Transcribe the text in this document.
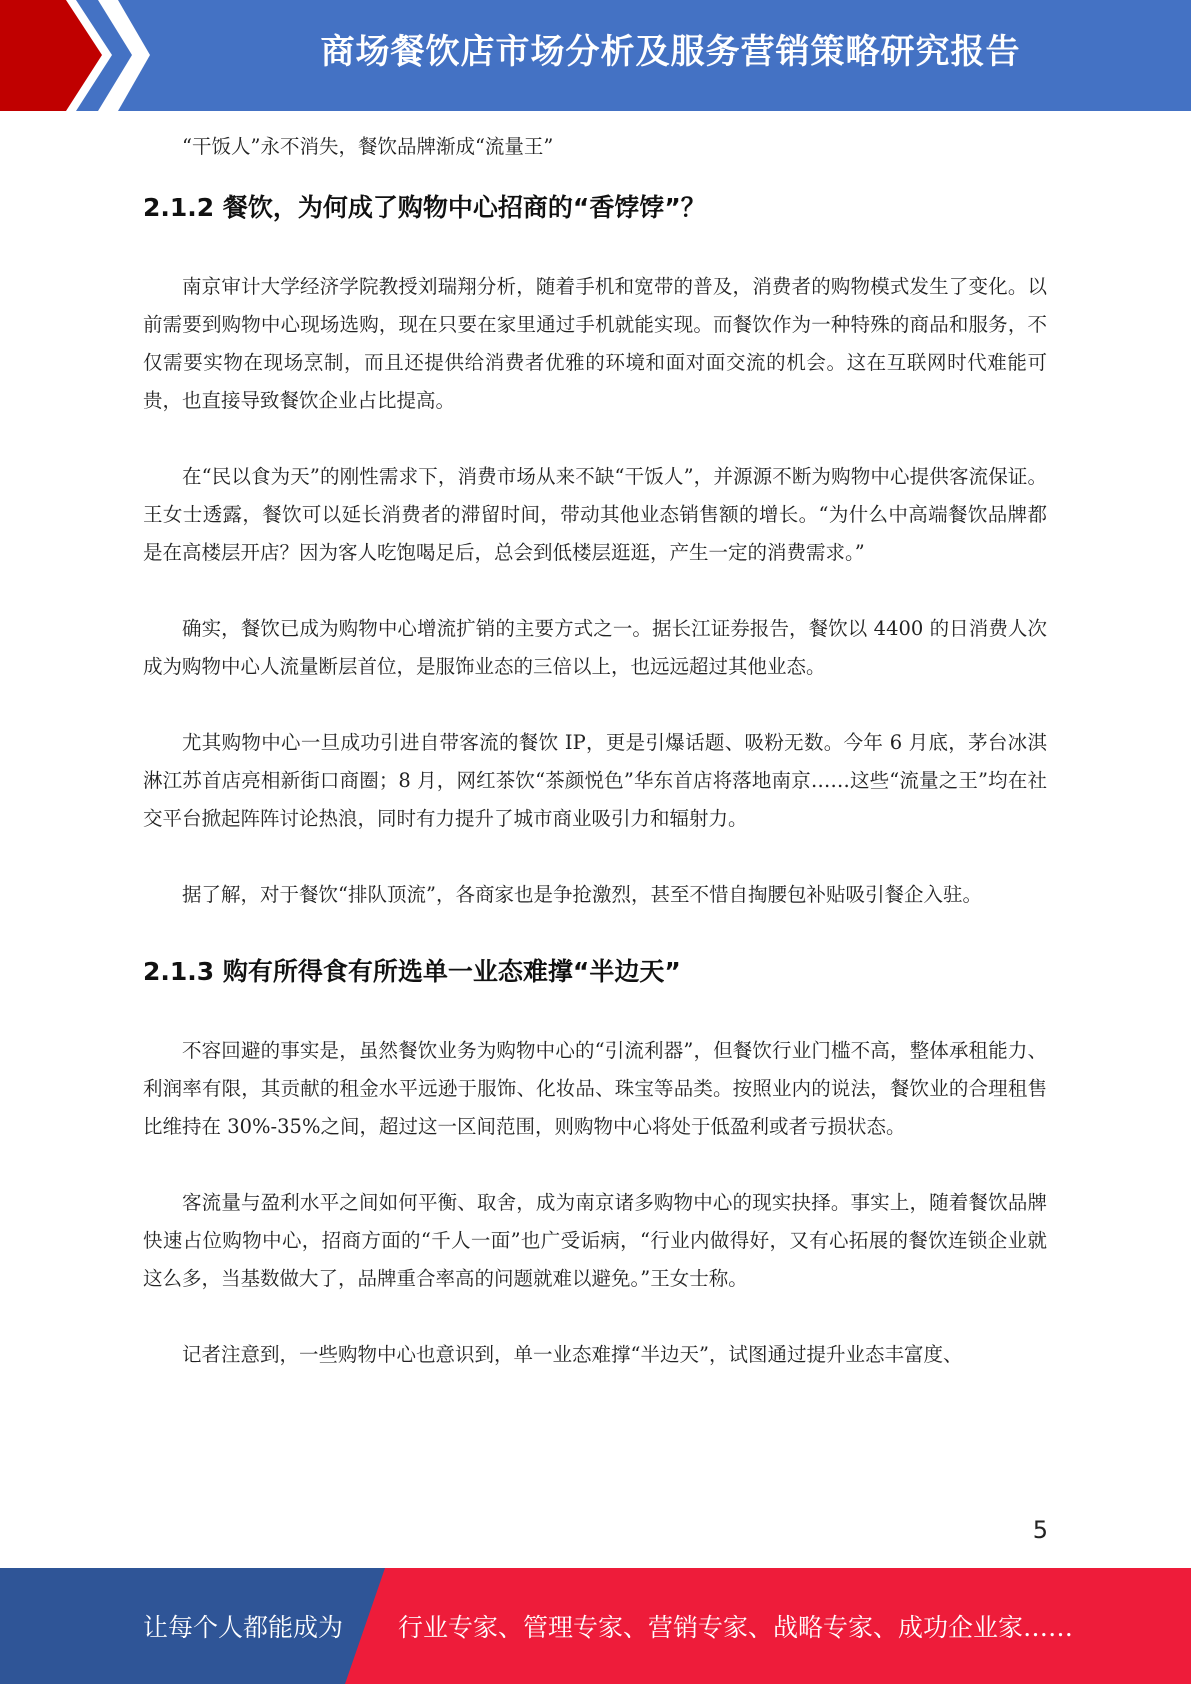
商场餐饮店市场分析及服务营销策略研究报告

“干饭人”永不消失，餐饮品牌渐成“流量王”

2.1.2 餐饮，为何成了购物中心招商的“香饽饽”？

南京审计大学经济学院教授刘瑞翔分析，随着手机和宽带的普及，消费者的购物模式发生了变化。以前需要到购物中心现场选购，现在只要在家里通过手机就能实现。而餐饮作为一种特殊的商品和服务，不仅需要实物在现场烹制，而且还提供给消费者优雅的环境和面对面交流的机会。这在互联网时代难能可贵，也直接导致餐饮企业占比提高。

在“民以食为天”的刚性需求下，消费市场从来不缺“干饭人”，并源源不断为购物中心提供客流保证。王女士透露，餐饮可以延长消费者的滞留时间，带动其他业态销售额的增长。“为什么中高端餐饮品牌都是在高楼层开店？因为客人吃饱喝足后，总会到低楼层逛逛，产生一定的消费需求。”

确实，餐饮已成为购物中心增流扩销的主要方式之一。据长江证券报告，餐饮以 4400 的日消费人次成为购物中心人流量断层首位，是服饰业态的三倍以上，也远远超过其他业态。

尤其购物中心一旦成功引进自带客流的餐饮 IP，更是引爆话题、吸粉无数。今年 6 月底，茅台冰淇淋江苏首店亮相新街口商圈；8 月，网红茶饮“茶颜悦色”华东首店将落地南京……这些“流量之王”均在社交平台掀起阵阵讨论热浪，同时有力提升了城市商业吸引力和辐射力。

据了解，对于餐饮“排队顶流”，各商家也是争抢激烈，甚至不惜自掏腰包补贴吸引餐企入驻。

2.1.3 购有所得食有所选单一业态难撑“半边天”

不容回避的事实是，虽然餐饮业务为购物中心的“引流利器”，但餐饮行业门槛不高，整体承租能力、利润率有限，其贡献的租金水平远逊于服饰、化妆品、珠宝等品类。按照业内的说法，餐饮业的合理租售比维持在 30%-35%之间，超过这一区间范围，则购物中心将处于低盈利或者亏损状态。

客流量与盈利水平之间如何平衡、取舍，成为南京诸多购物中心的现实抉择。事实上，随着餐饮品牌快速占位购物中心，招商方面的“千人一面”也广受诟病，“行业内做得好，又有心拓展的餐饮连锁企业就这么多，当基数做大了，品牌重合率高的问题就难以避免。”王女士称。

记者注意到，一些购物中心也意识到，单一业态难撑“半边天”，试图通过提升业态丰富度、

5
让每个人都能成为 行业专家、管理专家、营销专家、战略专家、成功企业家……
